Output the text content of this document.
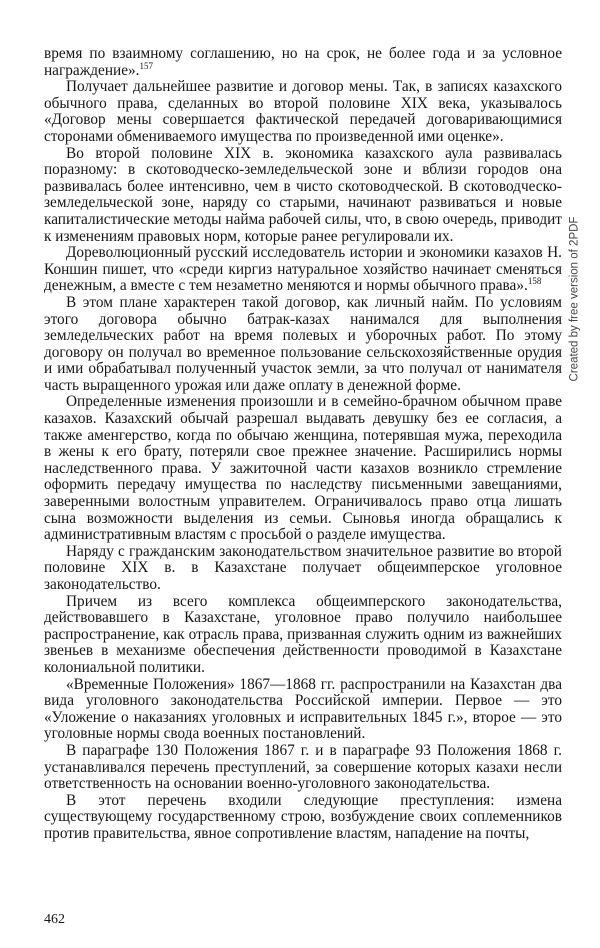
время по взаимному соглашению, но на срок, не более года и за условное награждение».$^{157}$

Получает дальнейшее развитие и договор мены. Так, в записях казахского обычного права, сделанных во второй половине XIX века, указывалось «Договор мены совершается фактической передачей договаривающимися сторонами обмениваемого имущества по произведенной ими оценке».

Во второй половине XIX в. экономика казахского аула развивалась поразному: в скотоводческо-земледельческой зоне и вблизи городов она развивалась более интенсивно, чем в чисто скотоводческой. В скотоводческо-земледельческой зоне, наряду со старыми, начинают развиваться и новые капиталистические методы найма рабочей силы, что, в свою очередь, приводит к изменениям правовых норм, которые ранее регулировали их.

Дореволюционный русский исследователь истории и экономики казахов Н. Коншин пишет, что «среди киргиз натуральное хозяйство начинает сменяться денежным, а вместе с тем незаметно меняются и нормы обычного права».$^{158}$

В этом плане характерен такой договор, как личный найм. По условиям этого договора обычно батрак-казах нанимался для выполнения земледельческих работ на время полевых и уборочных работ. По этому договору он получал во временное пользование сельскохозяйственные орудия и ими обрабатывал полученный участок земли, за что получал от нанимателя часть выращенного урожая или даже оплату в денежной форме.

Определенные изменения произошли и в семейно-брачном обычном праве казахов. Казахский обычай разрешал выдавать девушку без ее согласия, а также аменгерство, когда по обычаю женщина, потерявшая мужа, переходила в жены к его брату, потеряли свое прежнее значение. Расширились нормы наследственного права. У зажиточной части казахов возникло стремление оформить передачу имущества по наследству письменными завещаниями, заверенными волостным управителем. Ограничивалось право отца лишать сына возможности выделения из семьи. Сыновья иногда обращались к административным властям с просьбой о разделе имущества.

Наряду с гражданским законодательством значительное развитие во второй половине XIX в. в Казахстане получает общеимперское уголовное законодательство.

Причем из всего комплекса общеимперского законодательства, действовавшего в Казахстане, уголовное право получило наибольшее распространение, как отрасль права, призванная служить одним из важнейших звеньев в механизме обеспечения действенности проводимой в Казахстане колониальной политики.

«Временные Положения» 1867—1868 гг. распространили на Казахстан два вида уголовного законодательства Российской империи. Первое — это «Уложение о наказаниях уголовных и исправительных 1845 г.», второе — это уголовные нормы свода военных постановлений.

В параграфе 130 Положения 1867 г. и в параграфе 93 Положения 1868 г. устанавливался перечень преступлений, за совершение которых казахи несли ответственность на основании военно-уголовного законодательства.

В этот перечень входили следующие преступления: измена существующему государственному строю, возбуждение своих соплеменников против правительства, явное сопротивление властям, нападение на почты,

462
Created by free version of 2PDF
